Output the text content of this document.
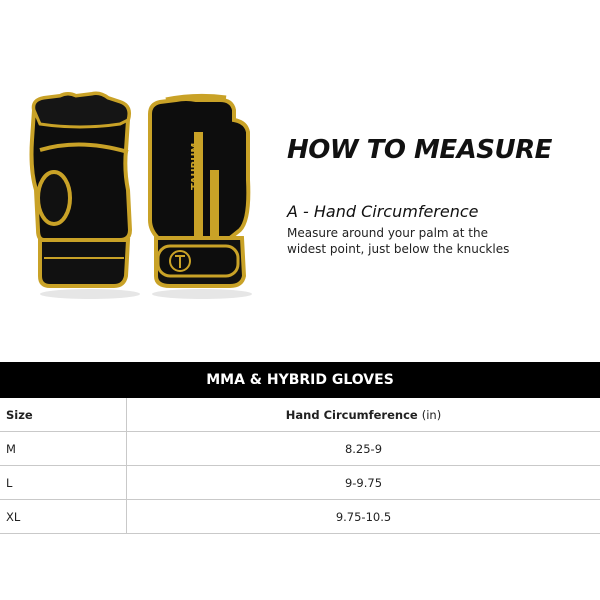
TAURUM	HOW TO MEASURE
A - Hand Circumference
Measure around your palm at the widest point, just below the knuckles
MMA & HYBRID GLOVES
Size	Hand Circumference (in)
M	8.25-9
L	9-9.75
XL	9.75-10.5
